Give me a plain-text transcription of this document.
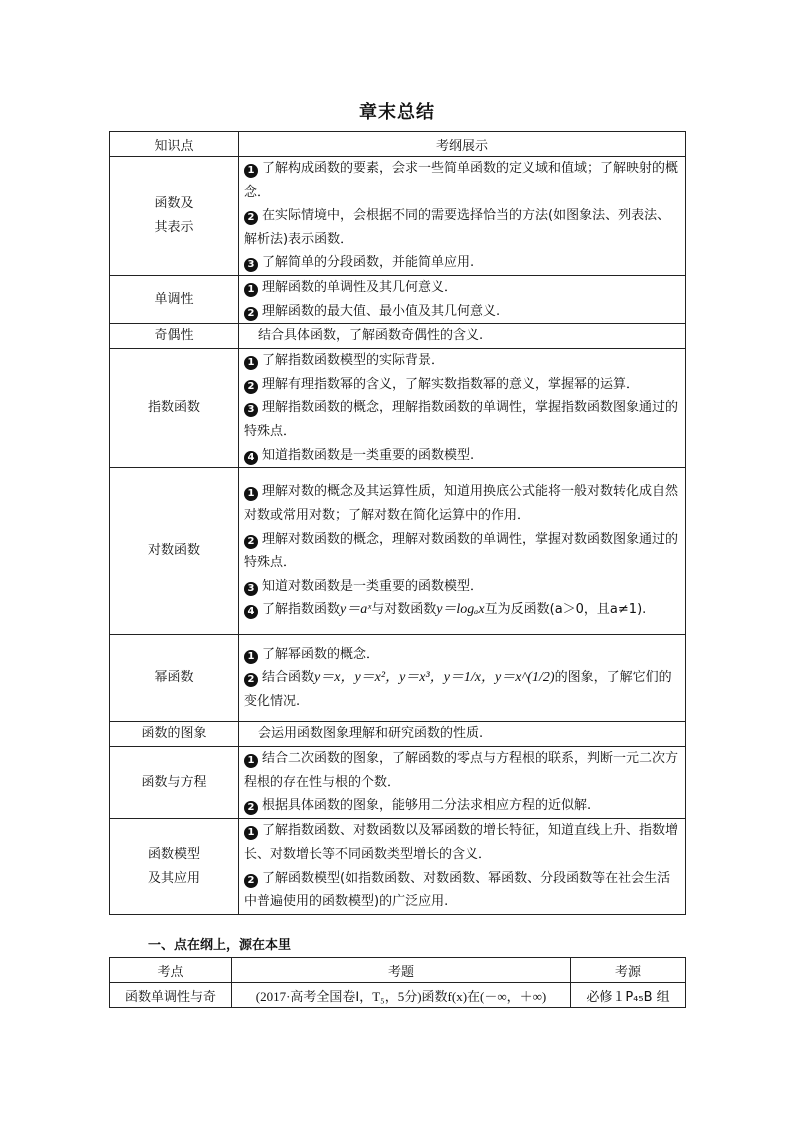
章末总结
知识点	考纲展示
函数及
其表示	1 了解构成函数的要素，会求一些简单函数的定义域和值域；了解映射的概念．
2 在实际情境中，会根据不同的需要选择恰当的方法(如图象法、列表法、解析法)表示函数．
3 了解简单的分段函数，并能简单应用.

单调性	1 理解函数的单调性及其几何意义．
2 理解函数的最大值、最小值及其几何意义.

奇偶性	结合具体函数，了解函数奇偶性的含义.
指数函数	1 了解指数函数模型的实际背景．
2 理解有理指数幂的含义，了解实数指数幂的意义，掌握幂的运算．
3 理解指数函数的概念，理解指数函数的单调性，掌握指数函数图象通过的特殊点．
4 知道指数函数是一类重要的函数模型.

对数函数	1 理解对数的概念及其运算性质，知道用换底公式能将一般对数转化成自然对数或常用对数；了解对数在简化运算中的作用．
2 理解对数函数的概念，理解对数函数的单调性，掌握对数函数图象通过的特殊点．
3 知道对数函数是一类重要的函数模型．
4 了解指数函数y＝aˣ与对数函数y＝logₐx互为反函数(a＞0，且a≠1).

幂函数	1 了解幂函数的概念．
2 结合函数y＝x，y＝x²，y＝x³，y＝1/x，y＝x^(1/2)的图象，了解它们的变化情况.

函数的图象	会运用函数图象理解和研究函数的性质.
函数与方程	1 结合二次函数的图象，了解函数的零点与方程根的联系，判断一元二次方程根的存在性与根的个数．
2 根据具体函数的图象，能够用二分法求相应方程的近似解.

函数模型
及其应用	1 了解指数函数、对数函数以及幂函数的增长特征，知道直线上升、指数增长、对数增长等不同函数类型增长的含义．
2 了解函数模型(如指数函数、对数函数、幂函数、分段函数等在社会生活中普遍使用的函数模型)的广泛应用.
一、点在纲上，源在本里
考点	考题	考源
函数单调性与奇	(2017·高考全国卷Ⅰ，T₅，5分)函数f(x)在(－∞，＋∞)	必修１P₄₅B 组
